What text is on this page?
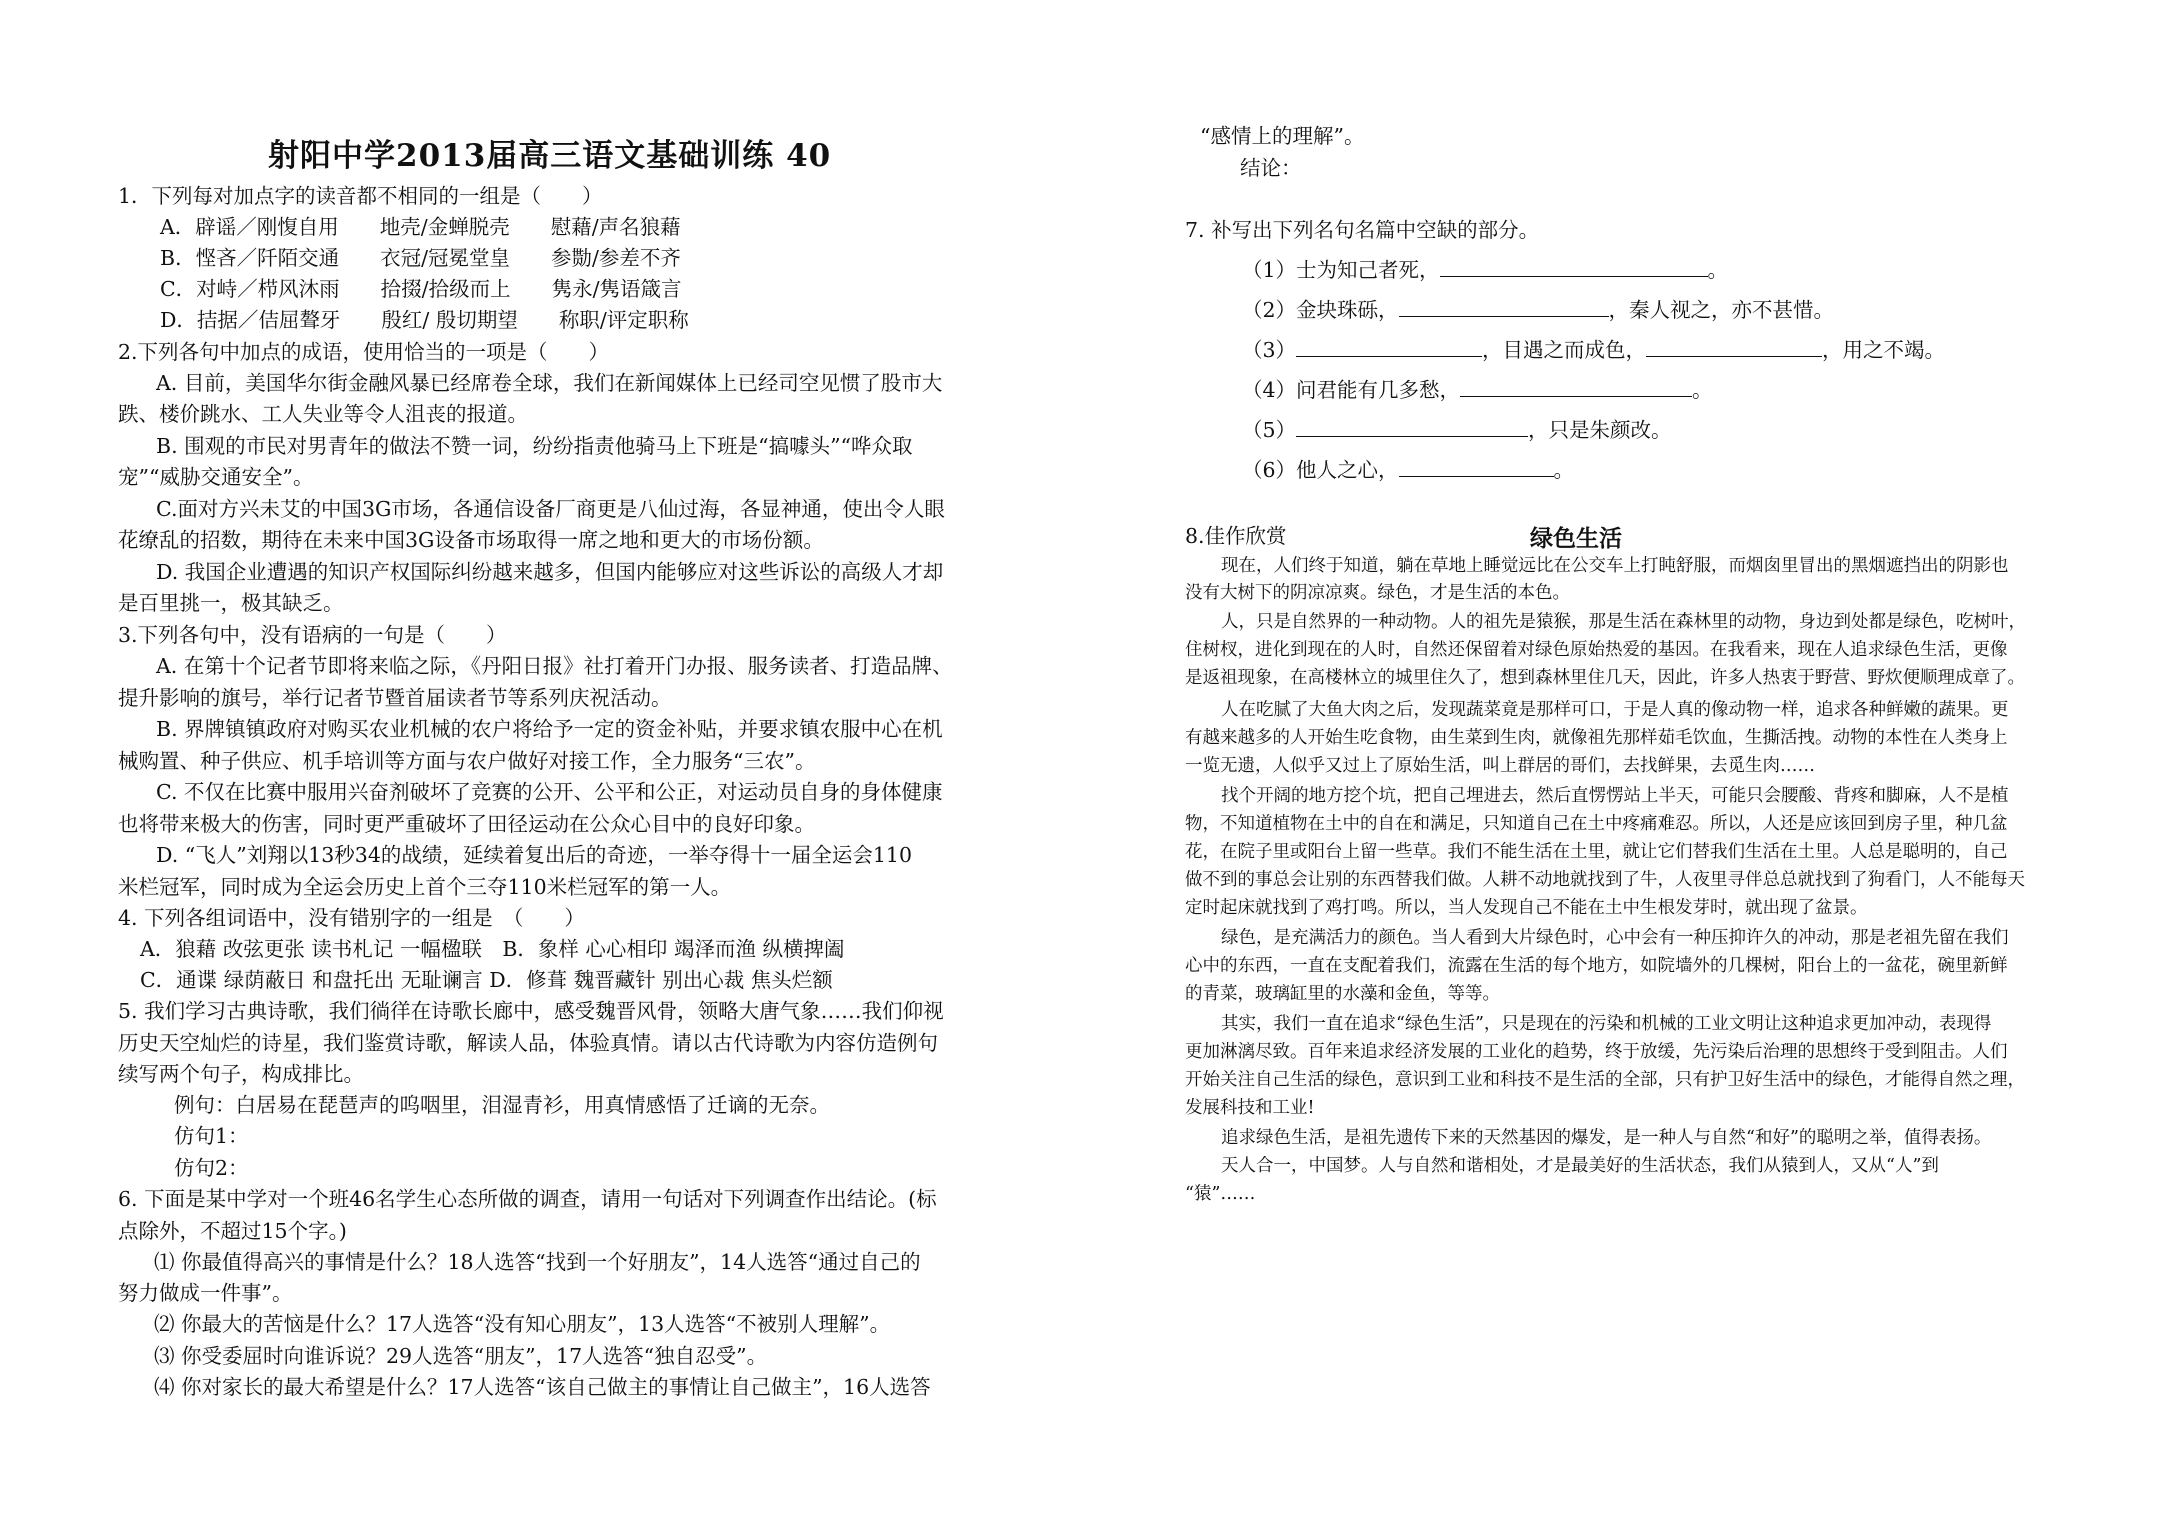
射阳中学2013届高三语文基础训练 40
1．下列每对加点字的读音都不相同的一组是（　　）
A．辟谣／刚愎自用　　地壳/金蝉脱壳　　慰藉/声名狼藉
B．悭吝／阡陌交通　　衣冠/冠冕堂皇　　参勚/参差不齐
C．对峙／栉风沐雨　　拾掇/拾级而上　　隽永/隽语箴言
D．拮据／佶屈聱牙　　殷红/ 殷切期望　　称职/评定职称
2.下列各句中加点的成语，使用恰当的一项是（　　）
A. 目前，美国华尔街金融风暴已经席卷全球，我们在新闻媒体上已经司空见惯了股市大
跌、楼价跳水、工人失业等令人沮丧的报道。
B. 围观的市民对男青年的做法不赞一词，纷纷指责他骑马上下班是“搞噱头”“哗众取
宠”“威胁交通安全”。
C.面对方兴未艾的中国3G市场，各通信设备厂商更是八仙过海，各显神通，使出令人眼
花缭乱的招数，期待在未来中国3G设备市场取得一席之地和更大的市场份额。
D. 我国企业遭遇的知识产权国际纠纷越来越多，但国内能够应对这些诉讼的高级人才却
是百里挑一，极其缺乏。
3.下列各句中，没有语病的一句是（　　）
A. 在第十个记者节即将来临之际，《丹阳日报》社打着开门办报、服务读者、打造品牌、
提升影响的旗号，举行记者节暨首届读者节等系列庆祝活动。
B. 界牌镇镇政府对购买农业机械的农户将给予一定的资金补贴，并要求镇农服中心在机
械购置、种子供应、机手培训等方面与农户做好对接工作，全力服务“三农”。
C. 不仅在比赛中服用兴奋剂破坏了竞赛的公开、公平和公正，对运动员自身的身体健康
也将带来极大的伤害，同时更严重破坏了田径运动在公众心目中的良好印象。
D. “飞人”刘翔以13秒34的战绩，延续着复出后的奇迹，一举夺得十一届全运会110
米栏冠军，同时成为全运会历史上首个三夺110米栏冠军的第一人。
4. 下列各组词语中，没有错别字的一组是　（　　）
A．狼藉 改弦更张 读书札记 一幅楹联　B．象样 心心相印 竭泽而渔 纵横捭阖
C．通谍 绿荫蔽日 和盘托出 无耻谰言 D．修葺 魏晋藏针 别出心裁 焦头烂额
5. 我们学习古典诗歌，我们徜徉在诗歌长廊中，感受魏晋风骨，领略大唐气象……我们仰视
历史天空灿烂的诗星，我们鉴赏诗歌，解读人品，体验真情。请以古代诗歌为内容仿造例句
续写两个句子，构成排比。
例句：白居易在琵琶声的呜咽里，泪湿青衫，用真情感悟了迁谪的无奈。
仿句1：
仿句2：
6. 下面是某中学对一个班46名学生心态所做的调查，请用一句话对下列调查作出结论。(标
点除外，不超过15个字。)
⑴ 你最值得高兴的事情是什么？18人选答“找到一个好朋友”，14人选答“通过自己的
努力做成一件事”。
⑵ 你最大的苦恼是什么？17人选答“没有知心朋友”，13人选答“不被别人理解”。
⑶ 你受委屈时向谁诉说？29人选答“朋友”，17人选答“独自忍受”。
⑷ 你对家长的最大希望是什么？17人选答“该自己做主的事情让自己做主”，16人选答
“感情上的理解”。
结论：
7. 补写出下列名句名篇中空缺的部分。
（1）士为知己者死，	。
（2）金块珠砾，	，秦人视之，亦不甚惜。
（3）	，目遇之而成色，	，用之不竭。
（4）问君能有几多愁，	。
（5）	，只是朱颜改。
（6）他人之心，	。
8.佳作欣赏	绿色生活
现在，人们终于知道，躺在草地上睡觉远比在公交车上打盹舒服，而烟囱里冒出的黑烟遮挡出的阴影也
没有大树下的阴凉凉爽。绿色，才是生活的本色。
人，只是自然界的一种动物。人的祖先是猿猴，那是生活在森林里的动物，身边到处都是绿色，吃树叶，
住树杈，进化到现在的人时，自然还保留着对绿色原始热爱的基因。在我看来，现在人追求绿色生活，更像
是返祖现象，在高楼林立的城里住久了，想到森林里住几天，因此，许多人热衷于野营、野炊便顺理成章了。
人在吃腻了大鱼大肉之后，发现蔬菜竟是那样可口，于是人真的像动物一样，追求各种鲜嫩的蔬果。更
有越来越多的人开始生吃食物，由生菜到生肉，就像祖先那样茹毛饮血，生撕活拽。动物的本性在人类身上
一览无遗，人似乎又过上了原始生活，叫上群居的哥们，去找鲜果，去觅生肉……
找个开阔的地方挖个坑，把自己埋进去，然后直愣愣站上半天，可能只会腰酸、背疼和脚麻，人不是植
物，不知道植物在土中的自在和满足，只知道自己在土中疼痛难忍。所以，人还是应该回到房子里，种几盆
花，在院子里或阳台上留一些草。我们不能生活在土里，就让它们替我们生活在土里。人总是聪明的，自己
做不到的事总会让别的东西替我们做。人耕不动地就找到了牛，人夜里寻伴总总就找到了狗看门，人不能每天
定时起床就找到了鸡打鸣。所以，当人发现自己不能在土中生根发芽时，就出现了盆景。
绿色，是充满活力的颜色。当人看到大片绿色时，心中会有一种压抑许久的冲动，那是老祖先留在我们
心中的东西，一直在支配着我们，流露在生活的每个地方，如院墙外的几棵树，阳台上的一盆花，碗里新鲜
的青菜，玻璃缸里的水藻和金鱼，等等。
其实，我们一直在追求“绿色生活”，只是现在的污染和机械的工业文明让这种追求更加冲动，表现得
更加淋漓尽致。百年来追求经济发展的工业化的趋势，终于放缓，先污染后治理的思想终于受到阻击。人们
开始关注自己生活的绿色，意识到工业和科技不是生活的全部，只有护卫好生活中的绿色，才能得自然之理，
发展科技和工业!
追求绿色生活，是祖先遗传下来的天然基因的爆发，是一种人与自然“和好”的聪明之举，值得表扬。
天人合一，中国梦。人与自然和谐相处，才是最美好的生活状态，我们从猿到人，又从“人”到
“猿”……
